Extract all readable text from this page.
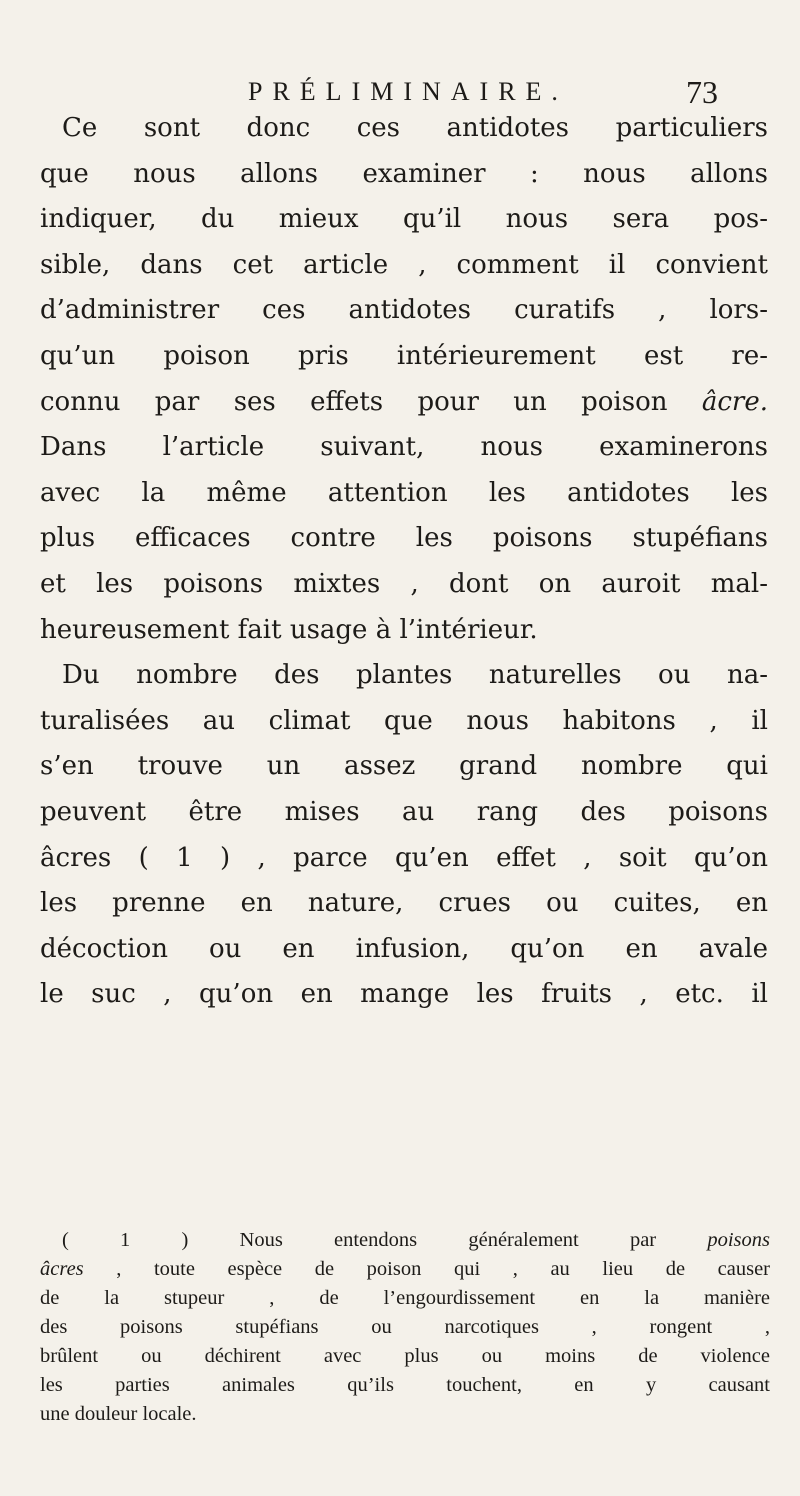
PRÉLIMINAIRE.	73
Ce sont donc ces antidotes particuliers
que nous allons examiner : nous allons
indiquer, du mieux qu’il nous sera pos-
sible, dans cet article , comment il convient
d’administrer ces antidotes curatifs , lors-
qu’un poison pris intérieurement est re-
connu par ses effets pour un poison âcre.
Dans l’article suivant, nous examinerons
avec la même attention les antidotes les
plus efficaces contre les poisons stupéfians
et les poisons mixtes , dont on auroit mal-
heureusement fait usage à l’intérieur.
Du nombre des plantes naturelles ou na-
turalisées au climat que nous habitons , il
s’en trouve un assez grand nombre qui
peuvent être mises au rang des poisons
âcres ( 1 ) , parce qu’en effet , soit qu’on
les prenne en nature, crues ou cuites, en
décoction ou en infusion, qu’on en avale
le suc , qu’on en mange les fruits , etc. il
( 1 ) Nous entendons généralement par poisons
âcres , toute espèce de poison qui , au lieu de causer
de la stupeur , de l’engourdissement en la manière
des poisons stupéfians ou narcotiques , rongent ,
brûlent ou déchirent avec plus ou moins de violence
les parties animales qu’ils touchent, en y causant
une douleur locale.
